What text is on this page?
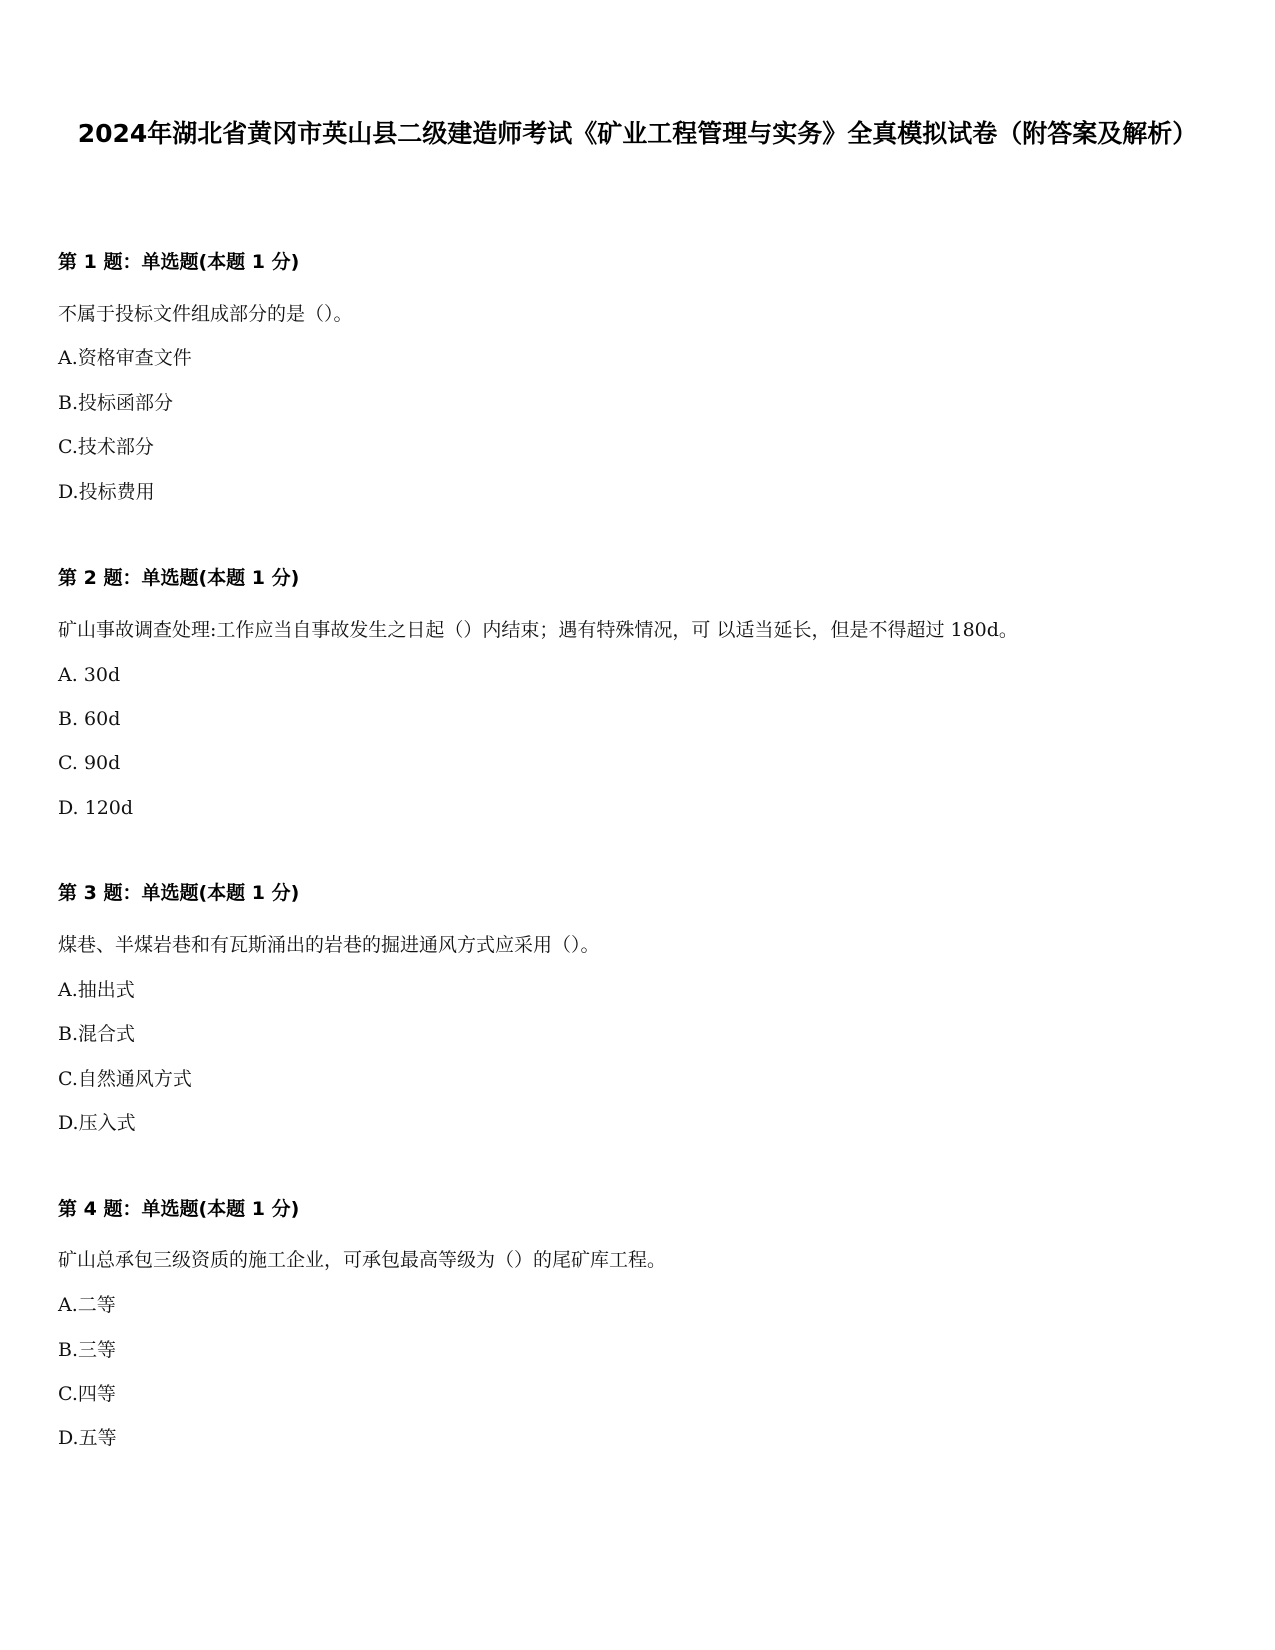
2024年湖北省黄冈市英山县二级建造师考试《矿业工程管理与实务》全真模拟试卷（附答案及解析）
第 1 题：单选题(本题 1 分)
不属于投标文件组成部分的是（）。
A.资格审查文件
B.投标函部分
C.技术部分
D.投标费用
第 2 题：单选题(本题 1 分)
矿山事故调查处理:工作应当自事故发生之日起（）内结束；遇有特殊情况，可 以适当延长，但是不得超过 180d。
A. 30d
B. 60d
C. 90d
D. 120d
第 3 题：单选题(本题 1 分)
煤巷、半煤岩巷和有瓦斯涌出的岩巷的掘进通风方式应采用（）。
A.抽出式
B.混合式
C.自然通风方式
D.压入式
第 4 题：单选题(本题 1 分)
矿山总承包三级资质的施工企业，可承包最高等级为（）的尾矿库工程。
A.二等
B.三等
C.四等
D.五等
